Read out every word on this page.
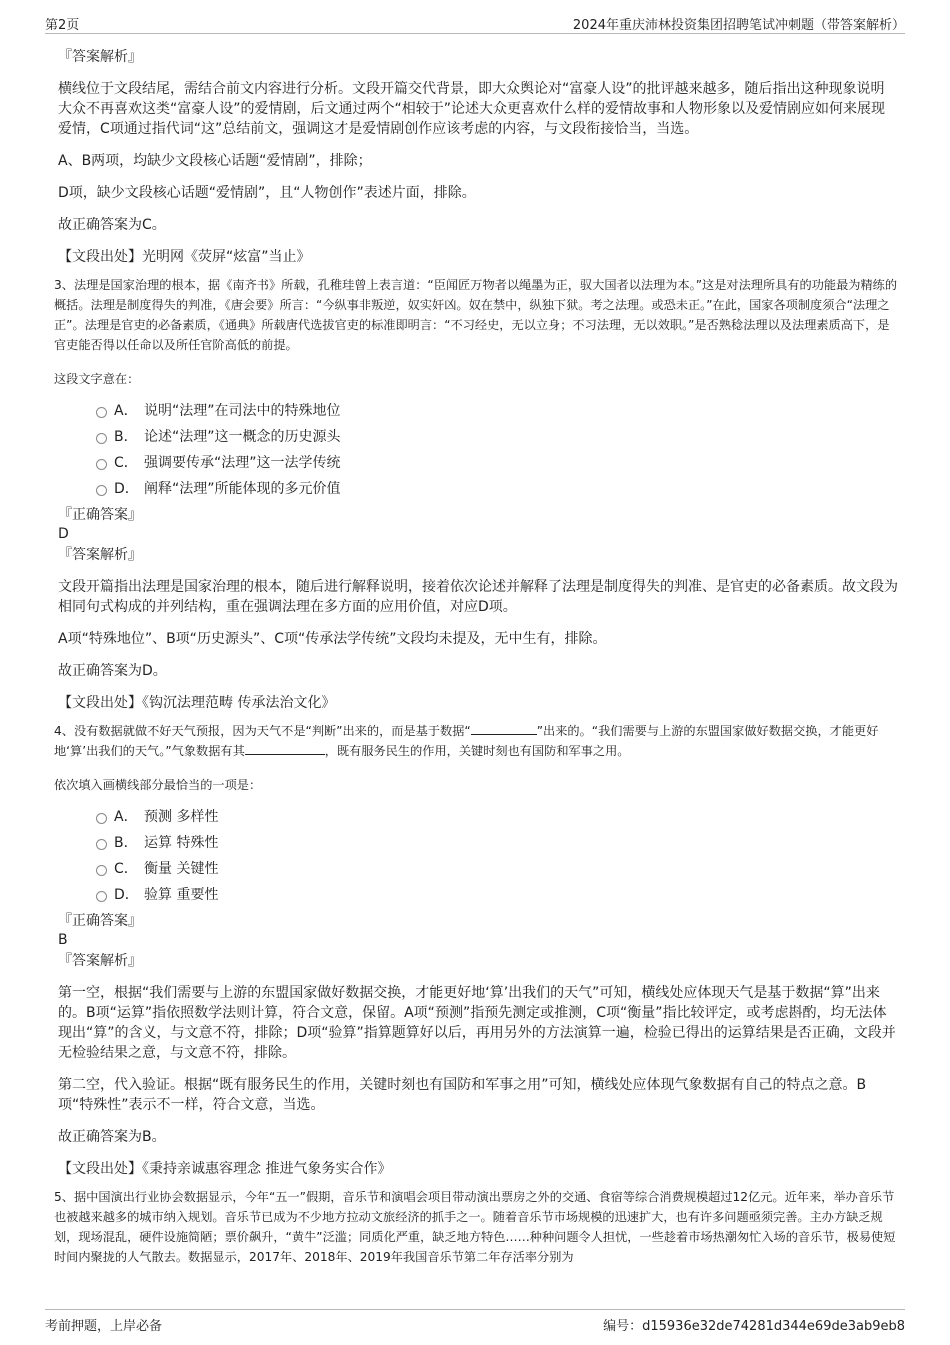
第2页	2024年重庆沛林投资集团招聘笔试冲刺题（带答案解析）
『答案解析』
横线位于文段结尾，需结合前文内容进行分析。文段开篇交代背景，即大众舆论对“富豪人设”的批评越来越多，随后指出这种现象说明大众不再喜欢这类“富豪人设”的爱情剧，后文通过两个“相较于”论述大众更喜欢什么样的爱情故事和人物形象以及爱情剧应如何来展现爱情，C项通过指代词“这”总结前文，强调这才是爱情剧创作应该考虑的内容，与文段衔接恰当，当选。
A、B两项，均缺少文段核心话题“爱情剧”，排除；
D项，缺少文段核心话题“爱情剧”，且“人物创作”表述片面，排除。
故正确答案为C。
【文段出处】光明网《荧屏“炫富”当止》
3、法理是国家治理的根本，据《南齐书》所载，孔稚珪曾上表言道：“臣闻匠万物者以绳墨为正，驭大国者以法理为本。”这是对法理所具有的功能最为精练的概括。法理是制度得失的判准，《唐会要》所言：“今纵事非叛逆，奴实奸凶。奴在禁中，纵独下狱。考之法理。或恐未正。”在此，国家各项制度须合“法理之正”。法理是官吏的必备素质，《通典》所载唐代选拔官吏的标准即明言：“不习经史，无以立身；不习法理，无以效职。”是否熟稔法理以及法理素质高下，是官吏能否得以任命以及所任官阶高低的前提。
这段文字意在：
A． 说明“法理”在司法中的特殊地位
B． 论述“法理”这一概念的历史源头
C． 强调要传承“法理”这一法学传统
D． 阐释“法理”所能体现的多元价值
『正确答案』
D
『答案解析』
文段开篇指出法理是国家治理的根本，随后进行解释说明，接着依次论述并解释了法理是制度得失的判准、是官吏的必备素质。故文段为相同句式构成的并列结构，重在强调法理在多方面的应用价值，对应D项。
A项“特殊地位”、B项“历史源头”、C项“传承法学传统”文段均未提及，无中生有，排除。
故正确答案为D。
【文段出处】《钩沉法理范畴 传承法治文化》
4、没有数据就做不好天气预报，因为天气不是“判断”出来的，而是基于数据“	”出来的。“我们需要与上游的东盟国家做好数据交换，才能更好地‘算’出我们的天气。”气象数据有其	，既有服务民生的作用，关键时刻也有国防和军事之用。
依次填入画横线部分最恰当的一项是：
A． 预测 多样性
B． 运算 特殊性
C． 衡量 关键性
D． 验算 重要性
『正确答案』
B
『答案解析』
第一空，根据“我们需要与上游的东盟国家做好数据交换，才能更好地‘算’出我们的天气”可知，横线处应体现天气是基于数据“算”出来的。B项“运算”指依照数学法则计算，符合文意，保留。A项“预测”指预先测定或推测，C项“衡量”指比较评定，或考虑斟酌，均无法体现出“算”的含义，与文意不符，排除；D项“验算”指算题算好以后，再用另外的方法演算一遍，检验已得出的运算结果是否正确，文段并无检验结果之意，与文意不符，排除。
第二空，代入验证。根据“既有服务民生的作用，关键时刻也有国防和军事之用”可知，横线处应体现气象数据有自己的特点之意。B项“特殊性”表示不一样，符合文意，当选。
故正确答案为B。
【文段出处】《秉持亲诚惠容理念 推进气象务实合作》
5、据中国演出行业协会数据显示，今年“五一”假期，音乐节和演唱会项目带动演出票房之外的交通、食宿等综合消费规模超过12亿元。近年来，举办音乐节也被越来越多的城市纳入规划。音乐节已成为不少地方拉动文旅经济的抓手之一。随着音乐节市场规模的迅速扩大，也有许多问题亟须完善。主办方缺乏规划，现场混乱，硬件设施简陋；票价飙升，“黄牛”泛滥；同质化严重，缺乏地方特色……种种问题令人担忧，一些趁着市场热潮匆忙入场的音乐节，极易使短时间内聚拢的人气散去。数据显示，2017年、2018年、2019年我国音乐节第二年存活率分别为
考前押题，上岸必备	编号：d15936e32de74281d344e69de3ab9eb8
